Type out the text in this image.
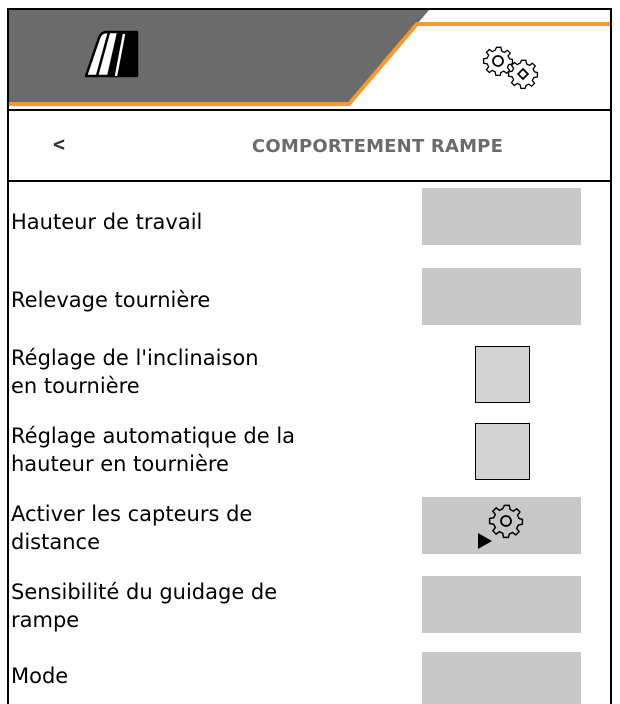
<	COMPORTEMENT RAMPE
Hauteur de travail
Relevage tournière
Réglage de l'inclinaison
en tournière
Réglage automatique de la
hauteur en tournière
Activer les capteurs de
distance
Sensibilité du guidage de
rampe
Mode
